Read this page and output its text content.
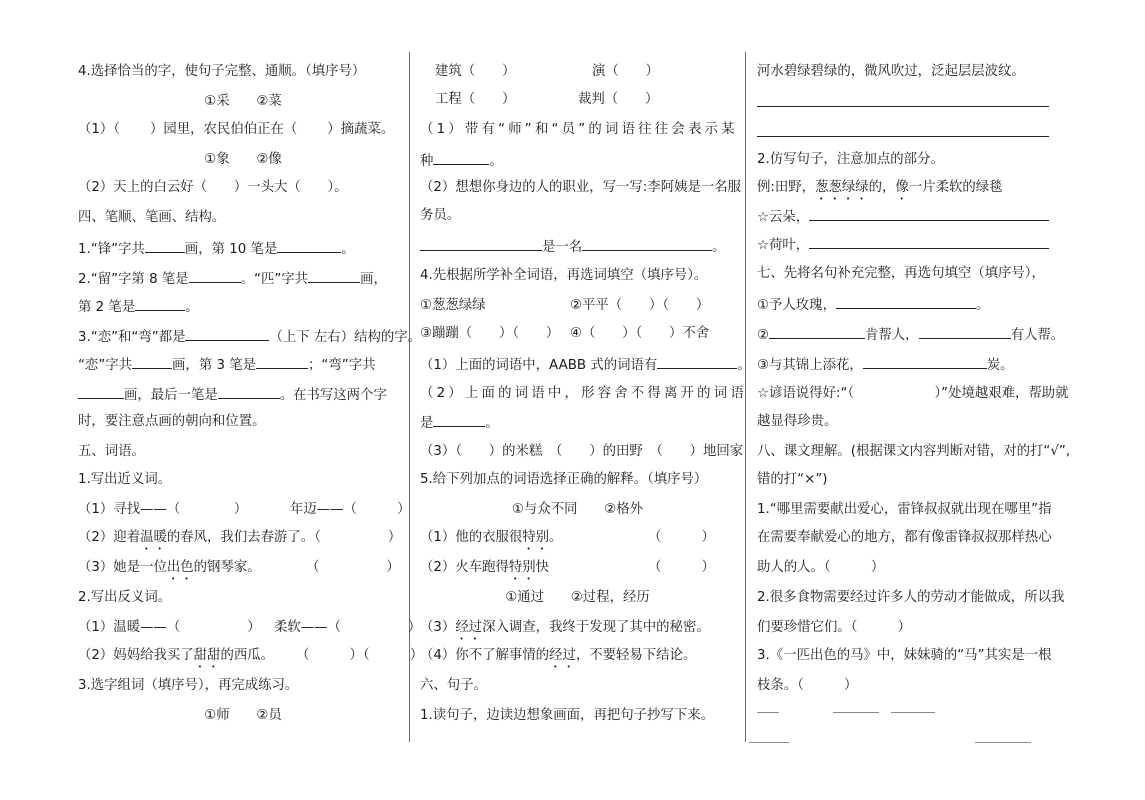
4.选择恰当的字，使句子完整、通顺。（填序号）
①采　　②菜
（1）（ ）园里，农民伯伯正在（ ）摘蔬菜。
①象　　②像
（2）天上的白云好（　　）一头大（　　）。
四、笔顺、笔画、结构。
1.“锋”字共	画，第 10 笔是	。
2.“留”字第 8 笔是	。“匹”字共	画，
第 2 笔是	。
3.“恋”和“弯”都是	（上下 左右）结构的字。
“恋”字共	画，第 3 笔是	；“弯”字共
画，最后一笔是	。在书写这两个字
时，要注意点画的朝向和位置。
五、词语。
1.写出近义词。
（1）寻找——（　　　　）	年迈——（　　　）
（2）迎着温暖的春风，我们去春游了。（　　　　　）
（3）她是一位出色的钢琴家。	（　　　　　）
2.写出反义词。
（1）温暖——（　　　　　） 柔软——（　　　　　）
（2）妈妈给我买了甜甜的西瓜。 （　　　）（　　　）
3.选字组词（填序号），再完成练习。
①师　　②员
建筑（　　）	演（　　）
工程（　　）	裁判（　　）
（1）带有“师”和“员”的词语往往会表示某
种	。
（2）想想你身边的人的职业，写一写:李阿姨是一名服
务员。
是一名	。
4.先根据所学补全词语，再选词填空（填序号）。
①葱葱绿绿	②平平（　　）（　　）
③蹦蹦（　　）（　　） ④（　　）（　　）不舍
（1）上面的词语中，AABB 式的词语有	。
（2）上面的词语中，形容舍不得离开的词语
是	。
（3）（　　）的米糕　（　　）的田野　（　　）地回家
5.给下列加点的词语选择正确的解释。（填序号）
①与众不同　　②格外
（1）他的衣服很特别。	（　　　）
（2）火车跑得特别快	（　　　）
①通过　　②过程，经历
（3）经过深入调查，我终于发现了其中的秘密。
（4）你不了解事情的经过，不要轻易下结论。
六、句子。
1.读句子，边读边想象画面，再把句子抄写下来。
河水碧绿碧绿的，微风吹过，泛起层层波纹。
2.仿写句子，注意加点的部分。
例:田野，葱葱绿绿的，像一片柔软的绿毯
☆云朵，
☆荷叶，
七、先将名句补充完整，再选句填空（填序号），
①予人玫瑰，	。
②	肯帮人，	有人帮。
③与其锦上添花，	炭。
☆谚语说得好:“（　　　　　　）”处境越艰难，帮助就
越显得珍贵。
八、课文理解。(根据课文内容判断对错，对的打“√”,
错的打“×”)
1.“哪里需要献出爱心，雷锋叔叔就出现在哪里”指
在需要奉献爱心的地方，都有像雷锋叔叔那样热心
助人的人。（　　　）
2.很多食物需要经过许多人的劳动才能做成，所以我
们要珍惜它们。（　　　）
3.《一匹出色的马》中，妹妹骑的“马”其实是一根
枝条。（　　　）
